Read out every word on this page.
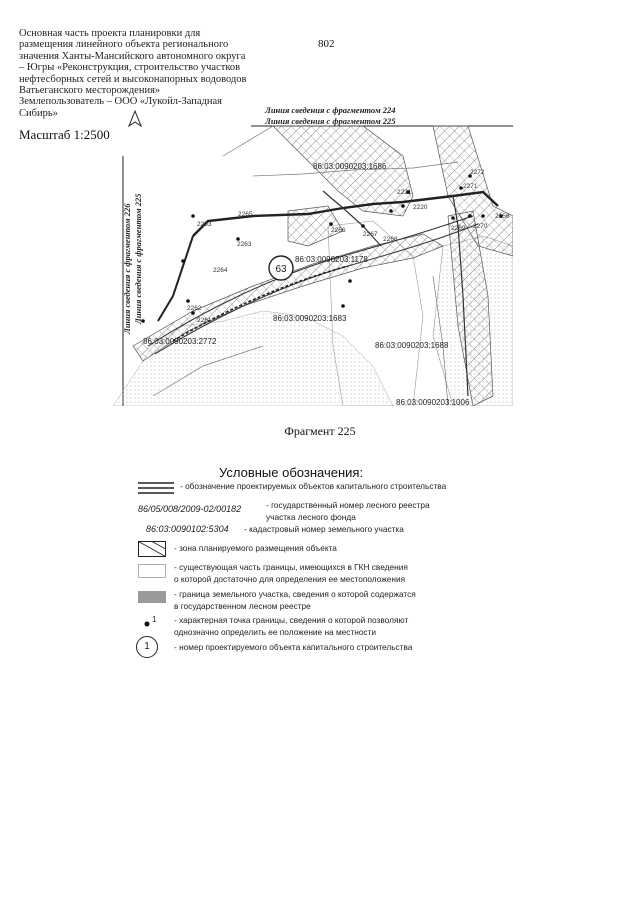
Основная часть проекта планировки для
размещения линейного объекта регионального
значения Ханты-Мансийского автономного округа
– Югры «Реконструкция, строительство участков
нефтесборных сетей и высоконапорных водоводов
Ватьеганского месторождения»
Землепользователь – ООО «Лукойл-Западная
Сибирь»
802
Масштаб 1:2500
2253
2263
2264
2262
2261
2266
2267
2268
2269 2270
2271
2272
2156
2221
2220
2265
63
86:03:0090203:1686
86:03:0090203:1178
86:03:0090203:1683
86:03:0090203:1688
86:03:0090203:2772
86:03:0090203:1006
Линия сведения с фрагментом 224
Линия сведения с фрагментом 225
Линия сведения с фрагментом 226 Линия сведения с фрагментом 225
Фрагмент 225
Условные обозначения:
- обозначение проектируемых объектов капитального строительства
86/05/008/2009-02/00182	- государственный номер лесного реестра
участка лесного фонда
86:03:0090102:5304 - кадастровый номер земельного участка
- зона планируемого размещения объекта
- существующая часть границы, имеющихся в ГКН сведения
о которой достаточно для определения ее местоположения
- граница земельного участка, сведения о которой содержатся
в государственном лесном реестре
1 - характерная точка границы, сведения о которой позволяют
однозначно определить ее положение на местности
1	- номер проектируемого объекта капитального строительства
